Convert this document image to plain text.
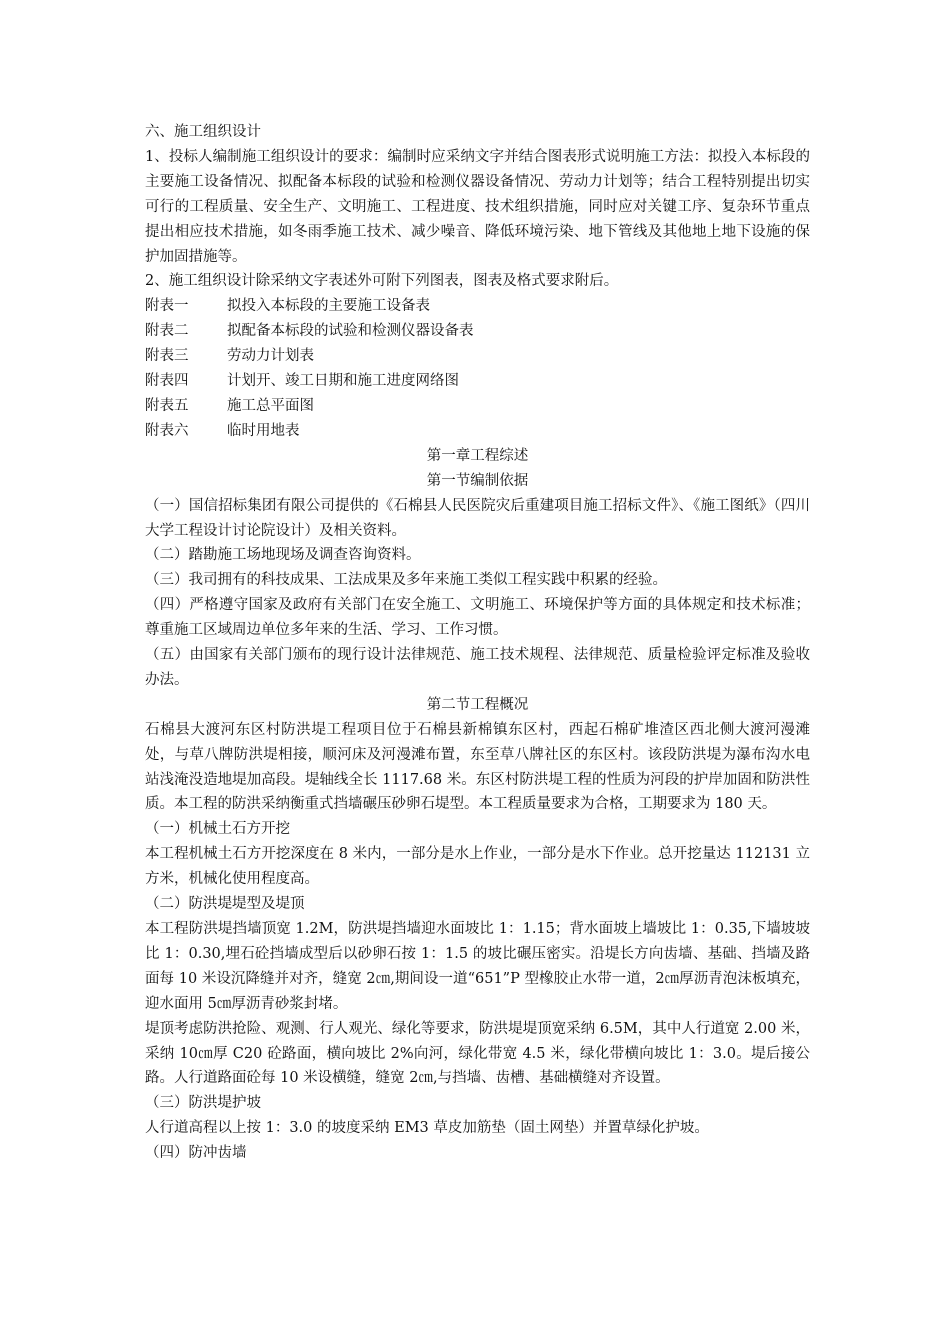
六、施工组织设计

1、投标人编制施工组织设计的要求：编制时应采纳文字并结合图表形式说明施工方法：拟投入本标段的主要施工设备情况、拟配备本标段的试验和检测仪器设备情况、劳动力计划等；结合工程特别提出切实可行的工程质量、安全生产、文明施工、工程进度、技术组织措施，同时应对关键工序、复杂环节重点提出相应技术措施，如冬雨季施工技术、减少噪音、降低环境污染、地下管线及其他地上地下设施的保护加固措施等。

2、施工组织设计除采纳文字表述外可附下列图表，图表及格式要求附后。

附表一	拟投入本标段的主要施工设备表
附表二	拟配备本标段的试验和检测仪器设备表
附表三	劳动力计划表
附表四	计划开、竣工日期和施工进度网络图
附表五	施工总平面图
附表六	临时用地表

第一章工程综述

第一节编制依据

（一）国信招标集团有限公司提供的《石棉县人民医院灾后重建项目施工招标文件》、《施工图纸》（四川大学工程设计讨论院设计）及相关资料。

（二）踏勘施工场地现场及调查咨询资料。

（三）我司拥有的科技成果、工法成果及多年来施工类似工程实践中积累的经验。

（四）严格遵守国家及政府有关部门在安全施工、文明施工、环境保护等方面的具体规定和技术标准；尊重施工区域周边单位多年来的生活、学习、工作习惯。

（五）由国家有关部门颁布的现行设计法律规范、施工技术规程、法律规范、质量检验评定标准及验收办法。

第二节工程概况

石棉县大渡河东区村防洪堤工程项目位于石棉县新棉镇东区村，西起石棉矿堆渣区西北侧大渡河漫滩处，与草八牌防洪堤相接，顺河床及河漫滩布置，东至草八牌社区的东区村。该段防洪堤为瀑布沟水电站浅淹没造地堤加高段。堤轴线全长 1117.68 米。东区村防洪堤工程的性质为河段的护岸加固和防洪性质。本工程的防洪采纳衡重式挡墙碾压砂卵石堤型。本工程质量要求为合格，工期要求为 180 天。

（一）机械土石方开挖

本工程机械土石方开挖深度在 8 米内，一部分是水上作业，一部分是水下作业。总开挖量达 112131 立方米，机械化使用程度高。

（二）防洪堤堤型及堤顶

本工程防洪堤挡墙顶宽 1.2M，防洪堤挡墙迎水面坡比 1：1.15；背水面坡上墙坡比 1：0.35,下墙坡坡比 1：0.30,埋石砼挡墙成型后以砂卵石按 1：1.5 的坡比碾压密实。沿堤长方向齿墙、基础、挡墙及路面每 10 米设沉降缝并对齐，缝宽 2㎝,期间设一道“651”P 型橡胶止水带一道，2㎝厚沥青泡沫板填充，迎水面用 5㎝厚沥青砂浆封堵。

堤顶考虑防洪抢险、观测、行人观光、绿化等要求，防洪堤堤顶宽采纳 6.5M，其中人行道宽 2.00 米，采纳 10㎝厚 C20 砼路面，横向坡比 2%向河，绿化带宽 4.5 米，绿化带横向坡比 1：3.0。堤后接公路。人行道路面砼每 10 米设横缝，缝宽 2㎝,与挡墙、齿槽、基础横缝对齐设置。

（三）防洪堤护坡

人行道高程以上按 1：3.0 的坡度采纳 EM3 草皮加筋垫（固土网垫）并置草绿化护坡。

（四）防冲齿墙
